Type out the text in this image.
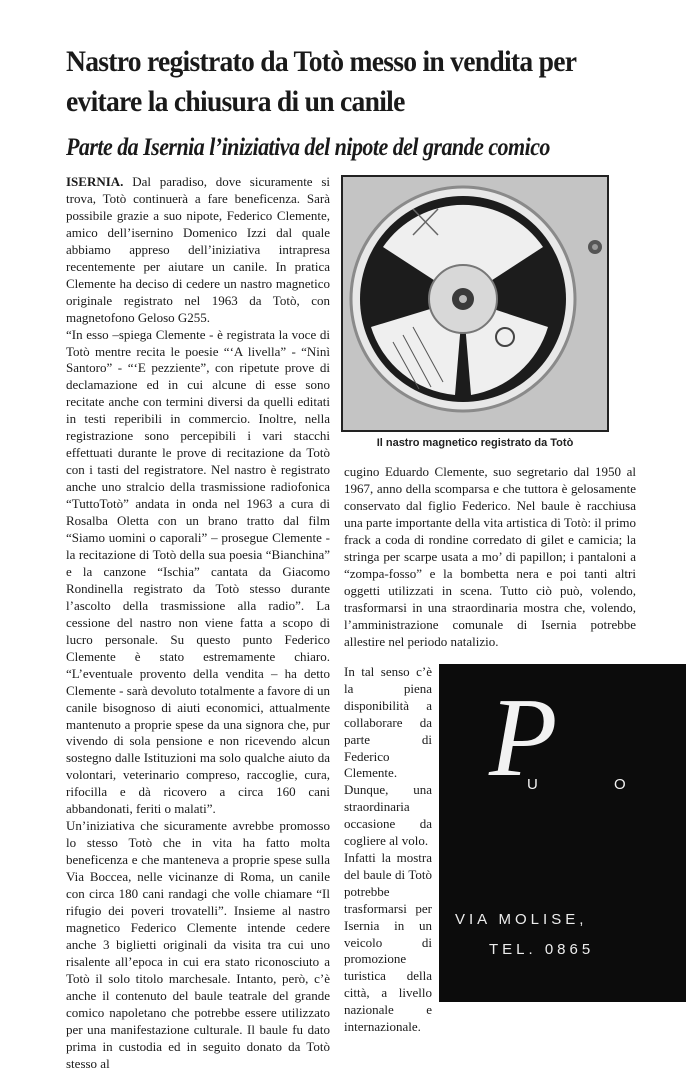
Nastro registrato da Totò messo in vendita per evitare la chiusura di un canile
Parte da Isernia l’iniziativa del nipote del grande comico

ISERNIA. Dal paradiso, dove sicuramente si trova, Totò continuerà a fare beneficenza. Sarà possibile grazie a suo nipote, Federico Clemente, amico dell’isernino Domenico Izzi dal quale abbiamo appreso dell’iniziativa intrapresa recentemente per aiutare un canile. In pratica Clemente ha deciso di cedere un nastro magnetico originale registrato nel 1963 da Totò, con magnetofono Geloso G255.

“In esso –spiega Clemente - è registrata la voce di Totò mentre recita le poesie “‘A livella” - “Ninì Santoro” - “‘E pezziente”, con ripetute prove di declamazione ed in cui alcune di esse sono recitate anche con termini diversi da quelli editati in testi reperibili in commercio. Inoltre, nella registrazione sono percepibili i vari stacchi effettuati durante le prove di recitazione da Totò con i tasti del registratore. Nel nastro è registrato anche uno stralcio della trasmissione radiofonica “TuttoTotò” andata in onda nel 1963 a cura di Rosalba Oletta con un brano tratto dal film “Siamo uomini o caporali” – prosegue Clemente - la recitazione di Totò della sua poesia “Bianchina” e la canzone “Ischia” cantata da Giacomo Rondinella registrato da Totò stesso durante l’ascolto della trasmissione alla radio”. La cessione del nastro non viene fatta a scopo di lucro personale. Su questo punto Federico Clemente è stato estremamente chiaro. “L’eventuale provento della vendita – ha detto Clemente - sarà devoluto totalmente a favore di un canile bisognoso di aiuti economici, attualmente mantenuto a proprie spese da una signora che, pur vivendo di sola pensione e non ricevendo alcun sostegno dalle Istituzioni ma solo qualche aiuto da volontari, veterinario compreso, raccoglie, cura, rifocilla e dà ricovero a circa 160 cani abbandonati, feriti o malati”.

Un’iniziativa che sicuramente avrebbe promosso lo stesso Totò che in vita ha fatto molta beneficenza e che manteneva a proprie spese sulla Via Boccea, nelle vicinanze di Roma, un canile con circa 180 cani randagi che volle chiamare “Il rifugio dei poveri trovatelli”. Insieme al nastro magnetico Federico Clemente intende cedere anche 3 biglietti originali da visita tra cui uno risalente all’epoca in cui era stato riconosciuto a Totò il solo titolo marchesale. Intanto, però, c’è anche il contenuto del baule teatrale del grande comico napoletano che potrebbe essere utilizzato per una manifestazione culturale. Il baule fu dato prima in custodia ed in seguito donato da Totò stesso al

Il nastro magnetico registrato da Totò

cugino Eduardo Clemente, suo segretario dal 1950 al 1967, anno della scomparsa e che tuttora è gelosamente conservato dal figlio Federico. Nel baule è racchiusa una parte importante della vita artistica di Totò: il primo frack a coda di rondine corredato di gilet e camicia; la stringa per scarpe usata a mo’ di papillon; i pantaloni a “zompa-fosso” e la bombetta nera e poi tanti altri oggetti utilizzati in scena. Tutto ciò può, volendo, trasformarsi in una straordinaria mostra che, volendo, l’amministrazione comunale di Isernia potrebbe allestire nel periodo natalizio.

In tal senso c’è la piena disponibilità a collaborare da parte di Federico Clemente. Dunque, una straordinaria occasione da cogliere al volo.

Infatti la mostra del baule di Totò potrebbe trasformarsi per Isernia in un veicolo di promozione turistica della città, a livello nazionale e internazionale.

P
U O
VIA MOLISE,
TEL. 0865
